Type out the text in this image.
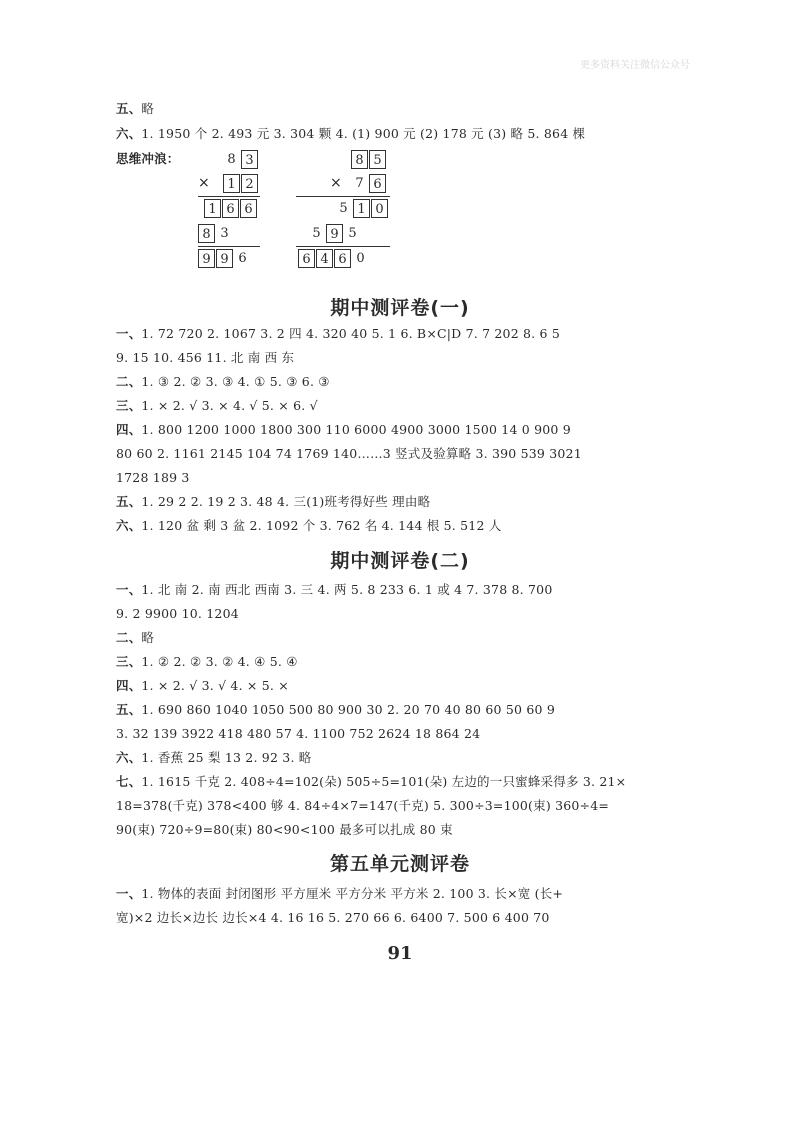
更多资料关注微信公众号
五、略
六、1. 1950 个 2. 493 元 3. 304 颗 4. (1) 900 元 (2) 178 元 (3) 略 5. 864 棵
思维冲浪：	8 3
×	1 2
1 6 6
8 3
9 9 6
8 5
×	7 6
5 1 0
5 9 5
6 4 6 0
期中测评卷(一)
一、1. 72 720 2. 1067 3. 2 四 4. 320 40 5. 1 6. B×C|D 7. 7 202 8. 6 5
9. 15 10. 456 11. 北 南 西 东
二、1. ③ 2. ② 3. ③ 4. ① 5. ③ 6. ③
三、1. × 2. √ 3. × 4. √ 5. × 6. √
四、1. 800 1200 1000 1800 300 110 6000 4900 3000 1500 14 0 900 9
80 60 2. 1161 2145 104 74 1769 140……3 竖式及验算略 3. 390 539 3021
1728 189 3
五、1. 29 2 2. 19 2 3. 48 4. 三(1)班考得好些 理由略
六、1. 120 盆 剩 3 盆 2. 1092 个 3. 762 名 4. 144 根 5. 512 人
期中测评卷(二)
一、1. 北 南 2. 南 西北 西南 3. 三 4. 两 5. 8 233 6. 1 或 4 7. 378 8. 700
9. 2 9900 10. 1204
二、略
三、1. ② 2. ② 3. ② 4. ④ 5. ④
四、1. × 2. √ 3. √ 4. × 5. ×
五、1. 690 860 1040 1050 500 80 900 30 2. 20 70 40 80 60 50 60 9
3. 32 139 3922 418 480 57 4. 1100 752 2624 18 864 24
六、1. 香蕉 25 梨 13 2. 92 3. 略
七、1. 1615 千克 2. 408÷4=102(朵) 505÷5=101(朵) 左边的一只蜜蜂采得多 3. 21×
18=378(千克) 378<400 够 4. 84÷4×7=147(千克) 5. 300÷3=100(束) 360÷4=
90(束) 720÷9=80(束) 80<90<100 最多可以扎成 80 束
第五单元测评卷
一、1. 物体的表面 封闭图形 平方厘米 平方分米 平方米 2. 100 3. 长×宽 (长+
宽)×2 边长×边长 边长×4 4. 16 16 5. 270 66 6. 6400 7. 500 6 400 70
91
